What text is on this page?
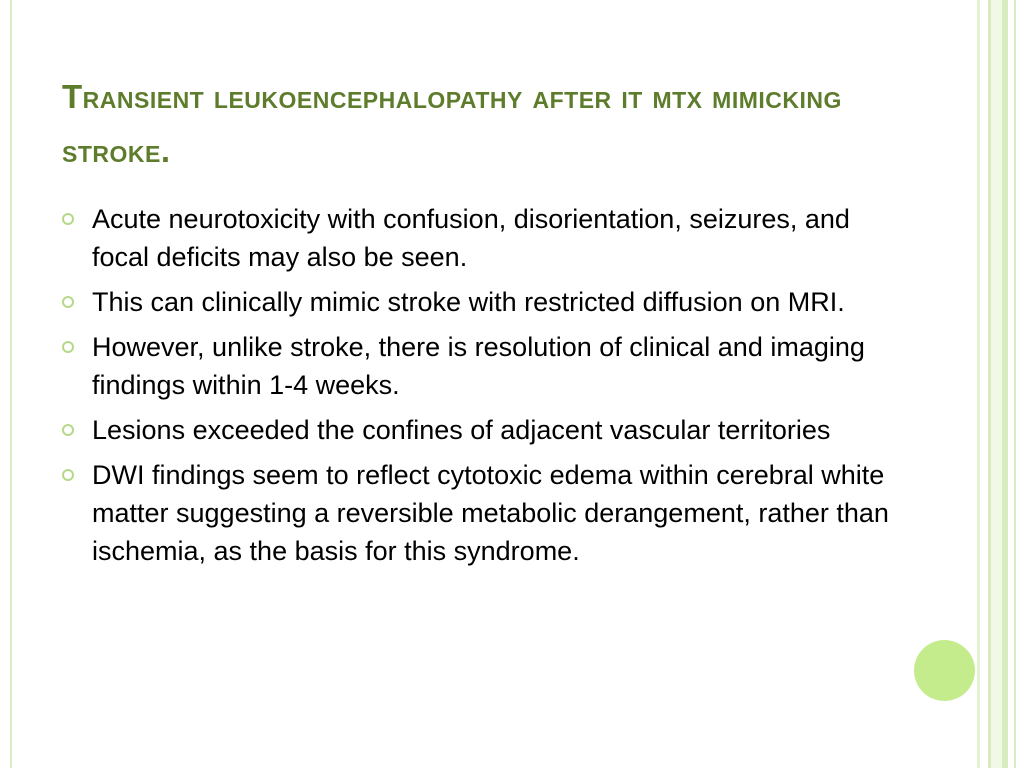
Transient leukoencephalopathy after it mtx mimicking stroke.
Acute neurotoxicity with confusion, disorientation, seizures, and focal deficits may also be seen.
This can clinically mimic stroke with restricted diffusion on MRI.
However, unlike stroke, there is resolution of clinical and imaging findings within 1-4 weeks.
Lesions exceeded the confines of adjacent vascular territories
DWI findings seem to reflect cytotoxic edema within cerebral white matter suggesting a reversible metabolic derangement, rather than ischemia, as the basis for this syndrome.
